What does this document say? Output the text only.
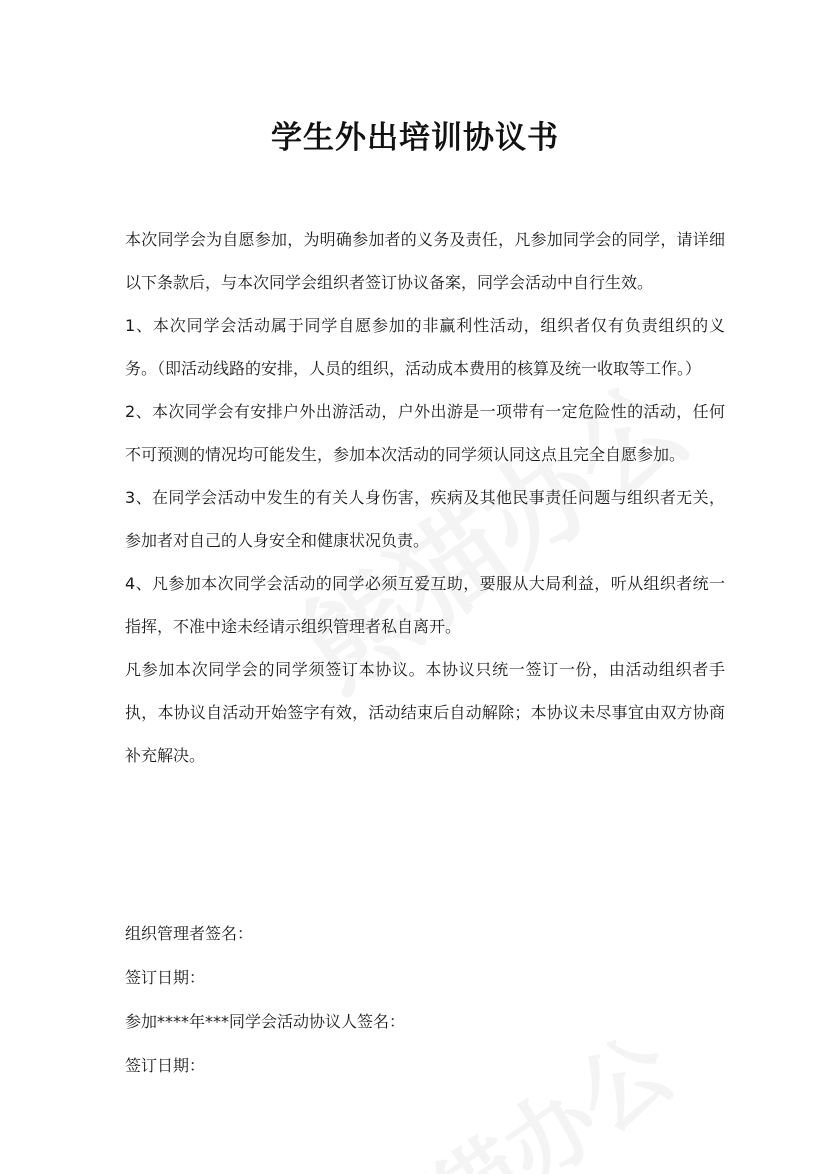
学生外出培训协议书

本次同学会为自愿参加，为明确参加者的义务及责任，凡参加同学会的同学，请详细以下条款后，与本次同学会组织者签订协议备案，同学会活动中自行生效。

1、本次同学会活动属于同学自愿参加的非赢利性活动，组织者仅有负责组织的义务。（即活动线路的安排，人员的组织，活动成本费用的核算及统一收取等工作。）

2、本次同学会有安排户外出游活动，户外出游是一项带有一定危险性的活动，任何不可预测的情况均可能发生，参加本次活动的同学须认同这点且完全自愿参加。

3、在同学会活动中发生的有关人身伤害，疾病及其他民事责任问题与组织者无关，参加者对自己的人身安全和健康状况负责。

4、凡参加本次同学会活动的同学必须互爱互助，要服从大局利益，听从组织者统一指挥，不准中途未经请示组织管理者私自离开。

凡参加本次同学会的同学须签订本协议。本协议只统一签订一份，由活动组织者手执，本协议自活动开始签字有效，活动结束后自动解除；本协议未尽事宜由双方协商补充解决。

组织管理者签名：

签订日期：

参加****年***同学会活动协议人签名：

签订日期：
